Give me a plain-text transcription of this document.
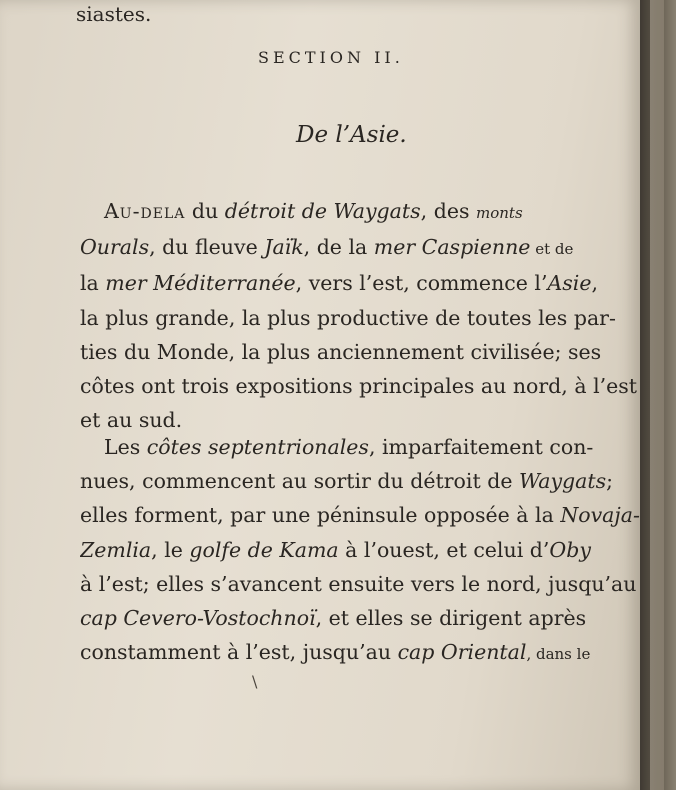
siastes.
SECTION II.
De l’Asie.
Au-dela du détroit de Waygats, des monts
Ourals, du fleuve Jaïk, de la mer Caspienne et de
la mer Méditerranée, vers l’est, commence l’Asie,
la plus grande, la plus productive de toutes les par-
ties du Monde, la plus anciennement civilisée; ses
côtes ont trois expositions principales au nord, à l’est
et au sud.
Les côtes septentrionales, imparfaitement con-
nues, commencent au sortir du détroit de Waygats;
elles forment, par une péninsule opposée à la Novaja-
Zemlia, le golfe de Kama à l’ouest, et celui d’Oby
à l’est; elles s’avancent ensuite vers le nord, jusqu’au
cap Cevero-Vostochnoï, et elles se dirigent après
constamment à l’est, jusqu’au cap Oriental, dans le
\
